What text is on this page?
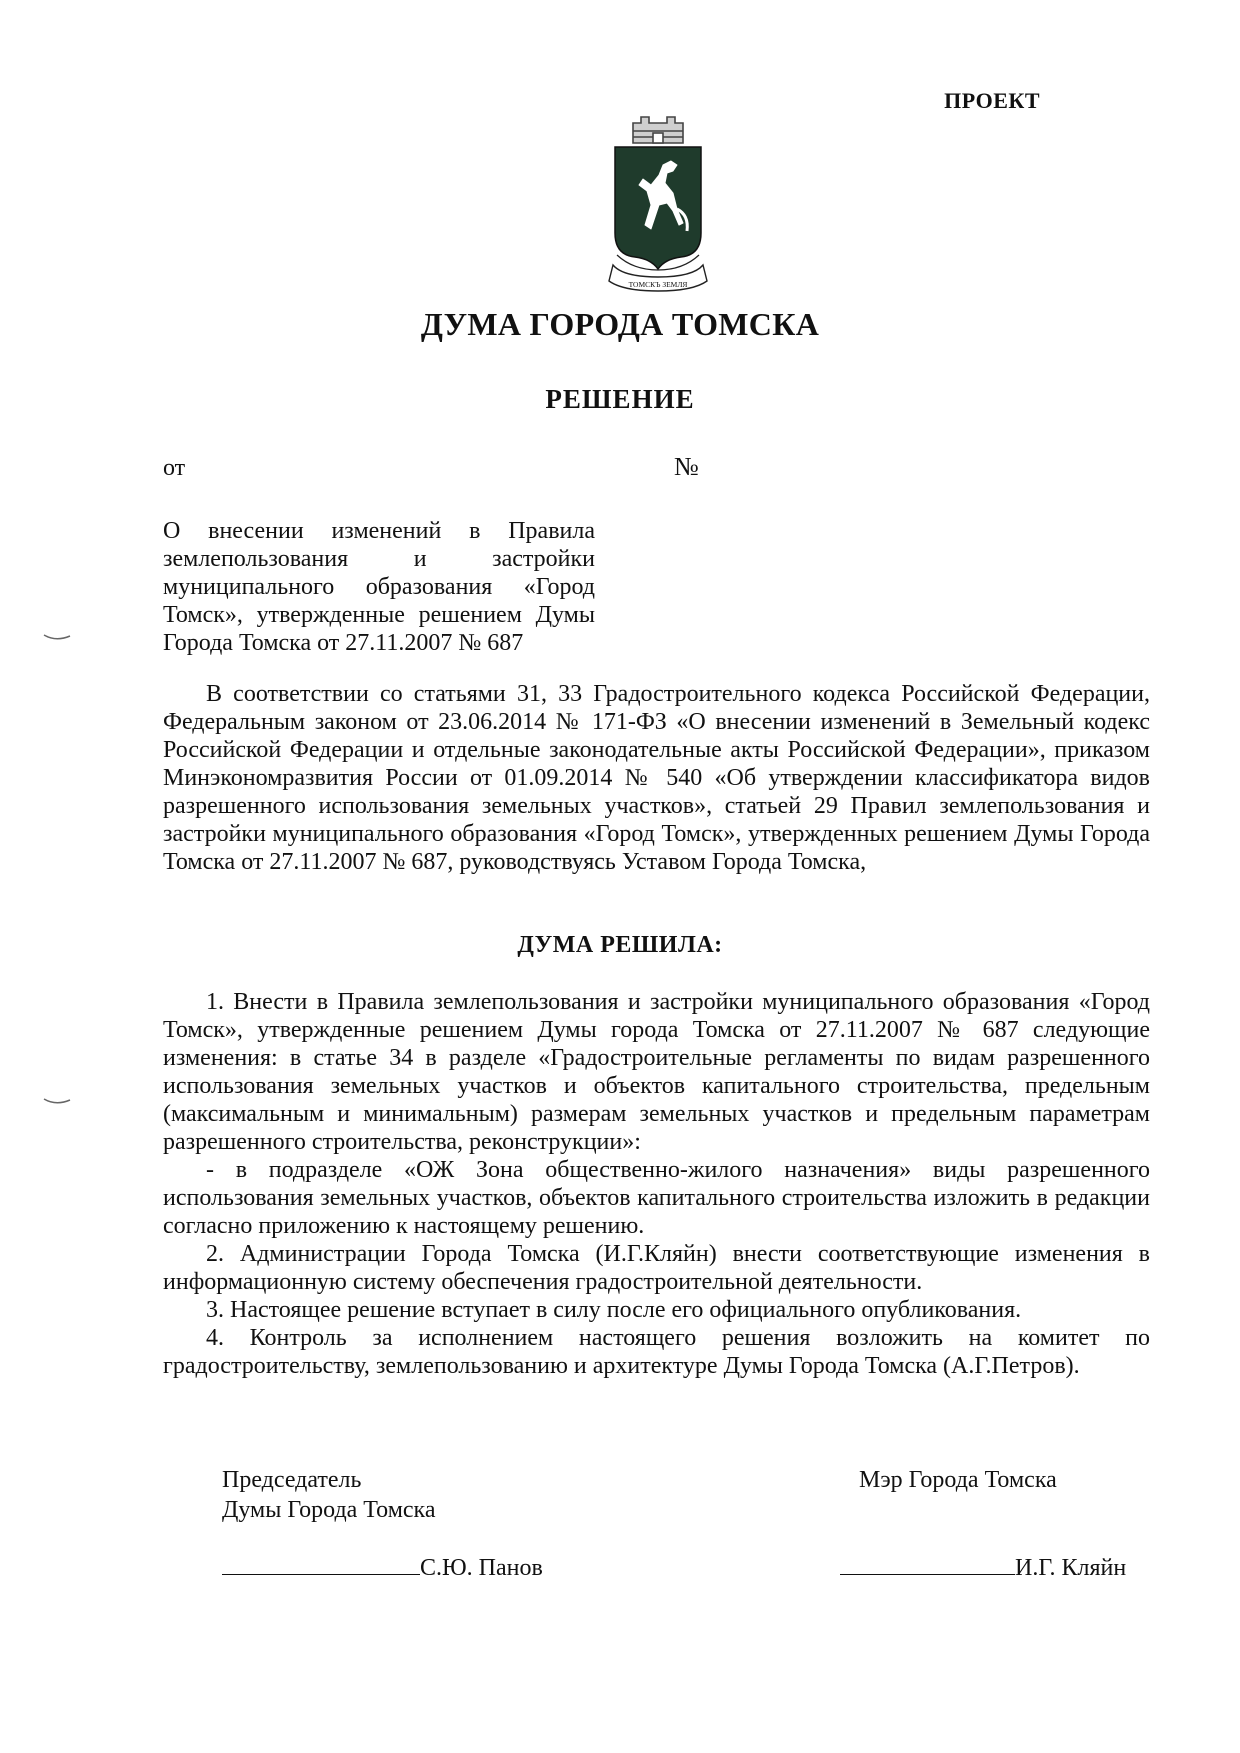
ПРОЕКТ
ТОМСКЪ ЗЕМЛЯ
ДУМА ГОРОДА ТОМСКА
РЕШЕНИЕ
от	№
О внесении изменений в Правила землепользования и застройки муниципального образования «Город Томск», утвержденные решением Думы Города Томска от 27.11.2007 № 687

В соответствии со статьями 31, 33 Градостроительного кодекса Российской Федерации, Федеральным законом от 23.06.2014 № 171-ФЗ «О внесении изменений в Земельный кодекс Российской Федерации и отдельные законодательные акты Российской Федерации», приказом Минэкономразвития России от 01.09.2014 № 540 «Об утверждении классификатора видов разрешенного использования земельных участков», статьей 29 Правил землепользования и застройки муниципального образования «Город Томск», утвержденных решением Думы Города Томска от 27.11.2007 № 687, руководствуясь Уставом Города Томска,

ДУМА РЕШИЛА:

1. Внести в Правила землепользования и застройки муниципального образования «Город Томск», утвержденные решением Думы города Томска от 27.11.2007 № 687 следующие изменения: в статье 34 в разделе «Градостроительные регламенты по видам разрешенного использования земельных участков и объектов капитального строительства, предельным (максимальным и минимальным) размерам земельных участков и предельным параметрам разрешенного строительства, реконструкции»:

- в подразделе «ОЖ Зона общественно-жилого назначения» виды разрешенного использования земельных участков, объектов капитального строительства изложить в редакции согласно приложению к настоящему решению.

2. Администрации Города Томска (И.Г.Кляйн) внести соответствующие изменения в информационную систему обеспечения градостроительной деятельности.

3. Настоящее решение вступает в силу после его официального опубликования.

4. Контроль за исполнением настоящего решения возложить на комитет по градостроительству, землепользованию и архитектуре Думы Города Томска (А.Г.Петров).

Председатель
Думы Города Томска
Мэр Города Томска
С.Ю. Панов	И.Г. Кляйн
